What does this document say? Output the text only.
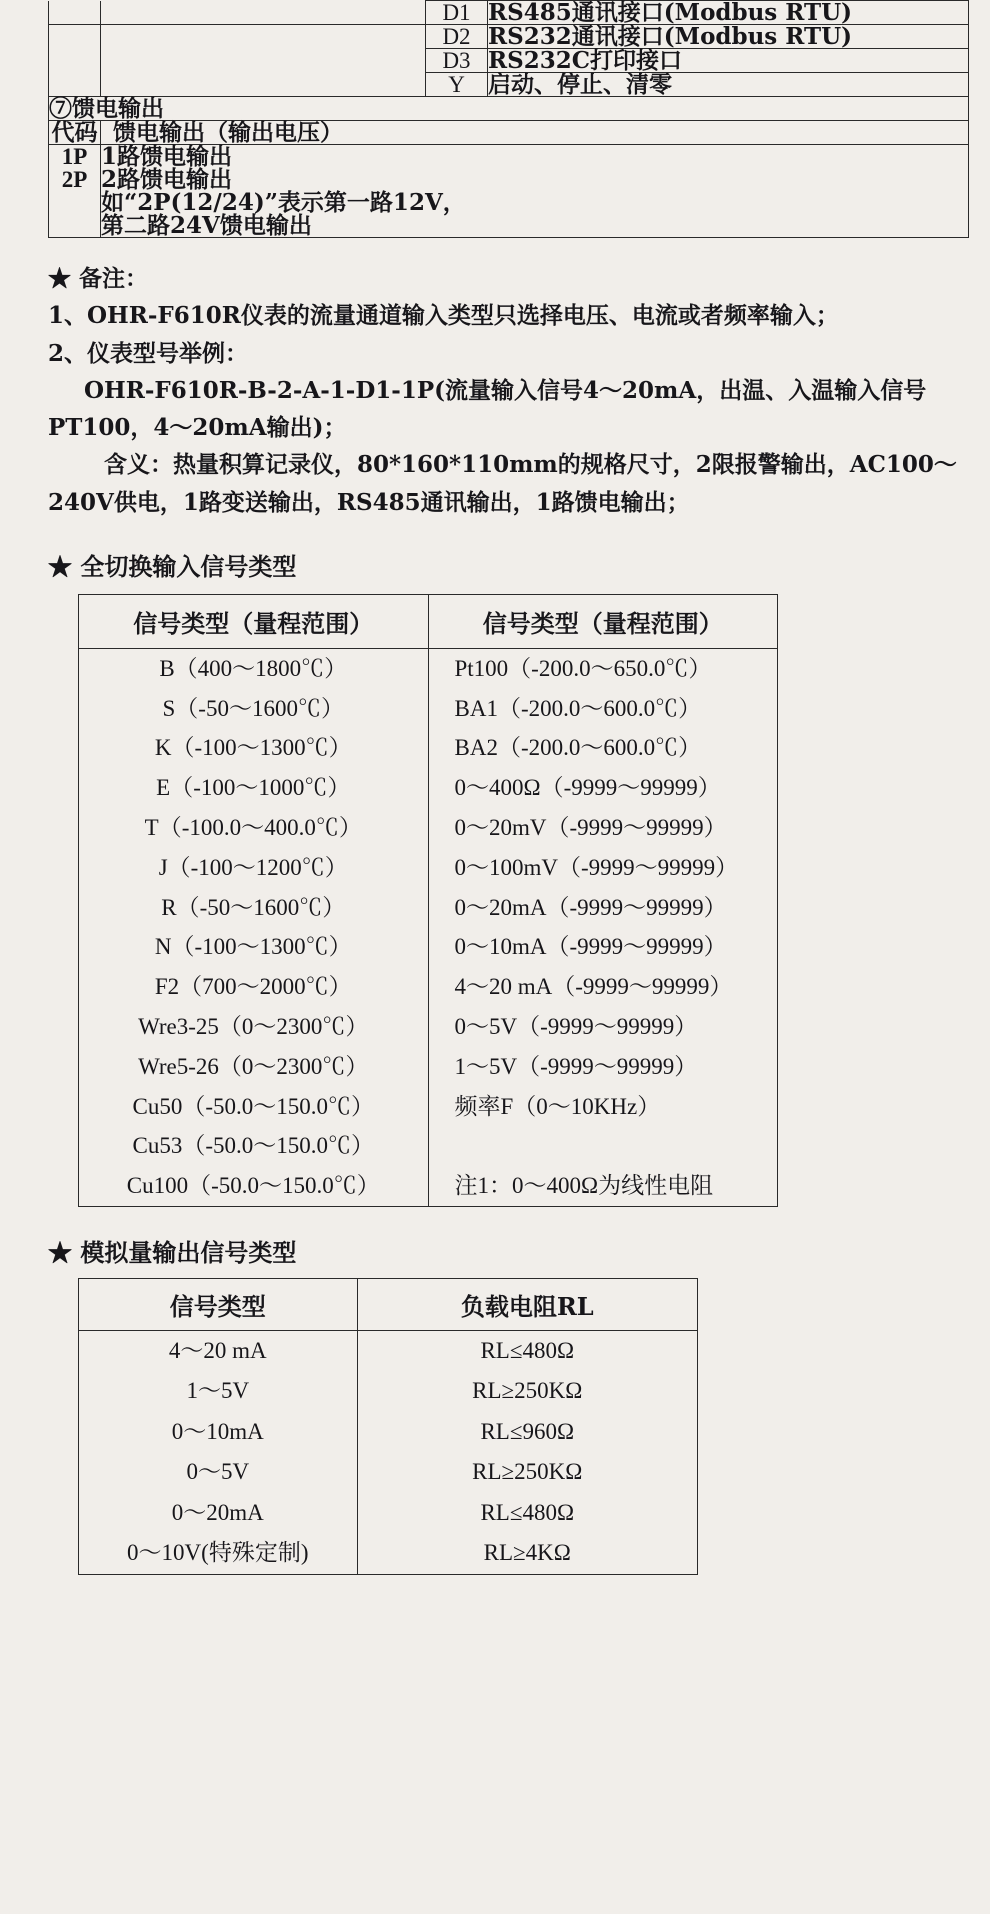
		D1	RS485通讯接口(Modbus RTU)
		D2	RS232通讯接口(Modbus RTU)
		D3	RS232C打印接口
		Y	启动、停止、清零
⑦馈电输出			
代码	馈电输出（输出电压）		
1P	1路馈电输出		
2P	2路馈电输出		
	如“2P(12/24)”表示第一路12V，		
	第二路24V馈电输出		
★ 备注：
1、OHR-F610R仪表的流量通道输入类型只选择电压、电流或者频率输入；
2、仪表型号举例：
OHR-F610R-B-2-A-1-D1-1P(流量输入信号4～20mA，出温、入温输入信号PT100，4～20mA输出)；
含义：热量积算记录仪，80*160*110mm的规格尺寸，2限报警输出，AC100～240V供电，1路变送输出，RS485通讯输出，1路馈电输出；
★ 全切换输入信号类型
信号类型（量程范围）	信号类型（量程范围）
B（400～1800℃）	Pt100（-200.0～650.0℃）
S（-50～1600℃）	BA1（-200.0～600.0℃）
K（-100～1300℃）	BA2（-200.0～600.0℃）
E（-100～1000℃）	0～400Ω（-9999～99999）
T（-100.0～400.0℃）	0～20mV（-9999～99999）
J（-100～1200℃）	0～100mV（-9999～99999）
R（-50～1600℃）	0～20mA（-9999～99999）
N（-100～1300℃）	0～10mA（-9999～99999）
F2（700～2000℃）	4～20 mA（-9999～99999）
Wre3-25（0～2300℃）	0～5V（-9999～99999）
Wre5-26（0～2300℃）	1～5V（-9999～99999）
Cu50（-50.0～150.0℃）	频率F（0～10KHz）
Cu53（-50.0～150.0℃）	
Cu100（-50.0～150.0℃）	注1：0～400Ω为线性电阻
★ 模拟量输出信号类型
信号类型	负载电阻RL
4～20 mA	RL≤480Ω
1～5V	RL≥250KΩ
0～10mA	RL≤960Ω
0～5V	RL≥250KΩ
0～20mA	RL≤480Ω
0～10V(特殊定制)	RL≥4KΩ
